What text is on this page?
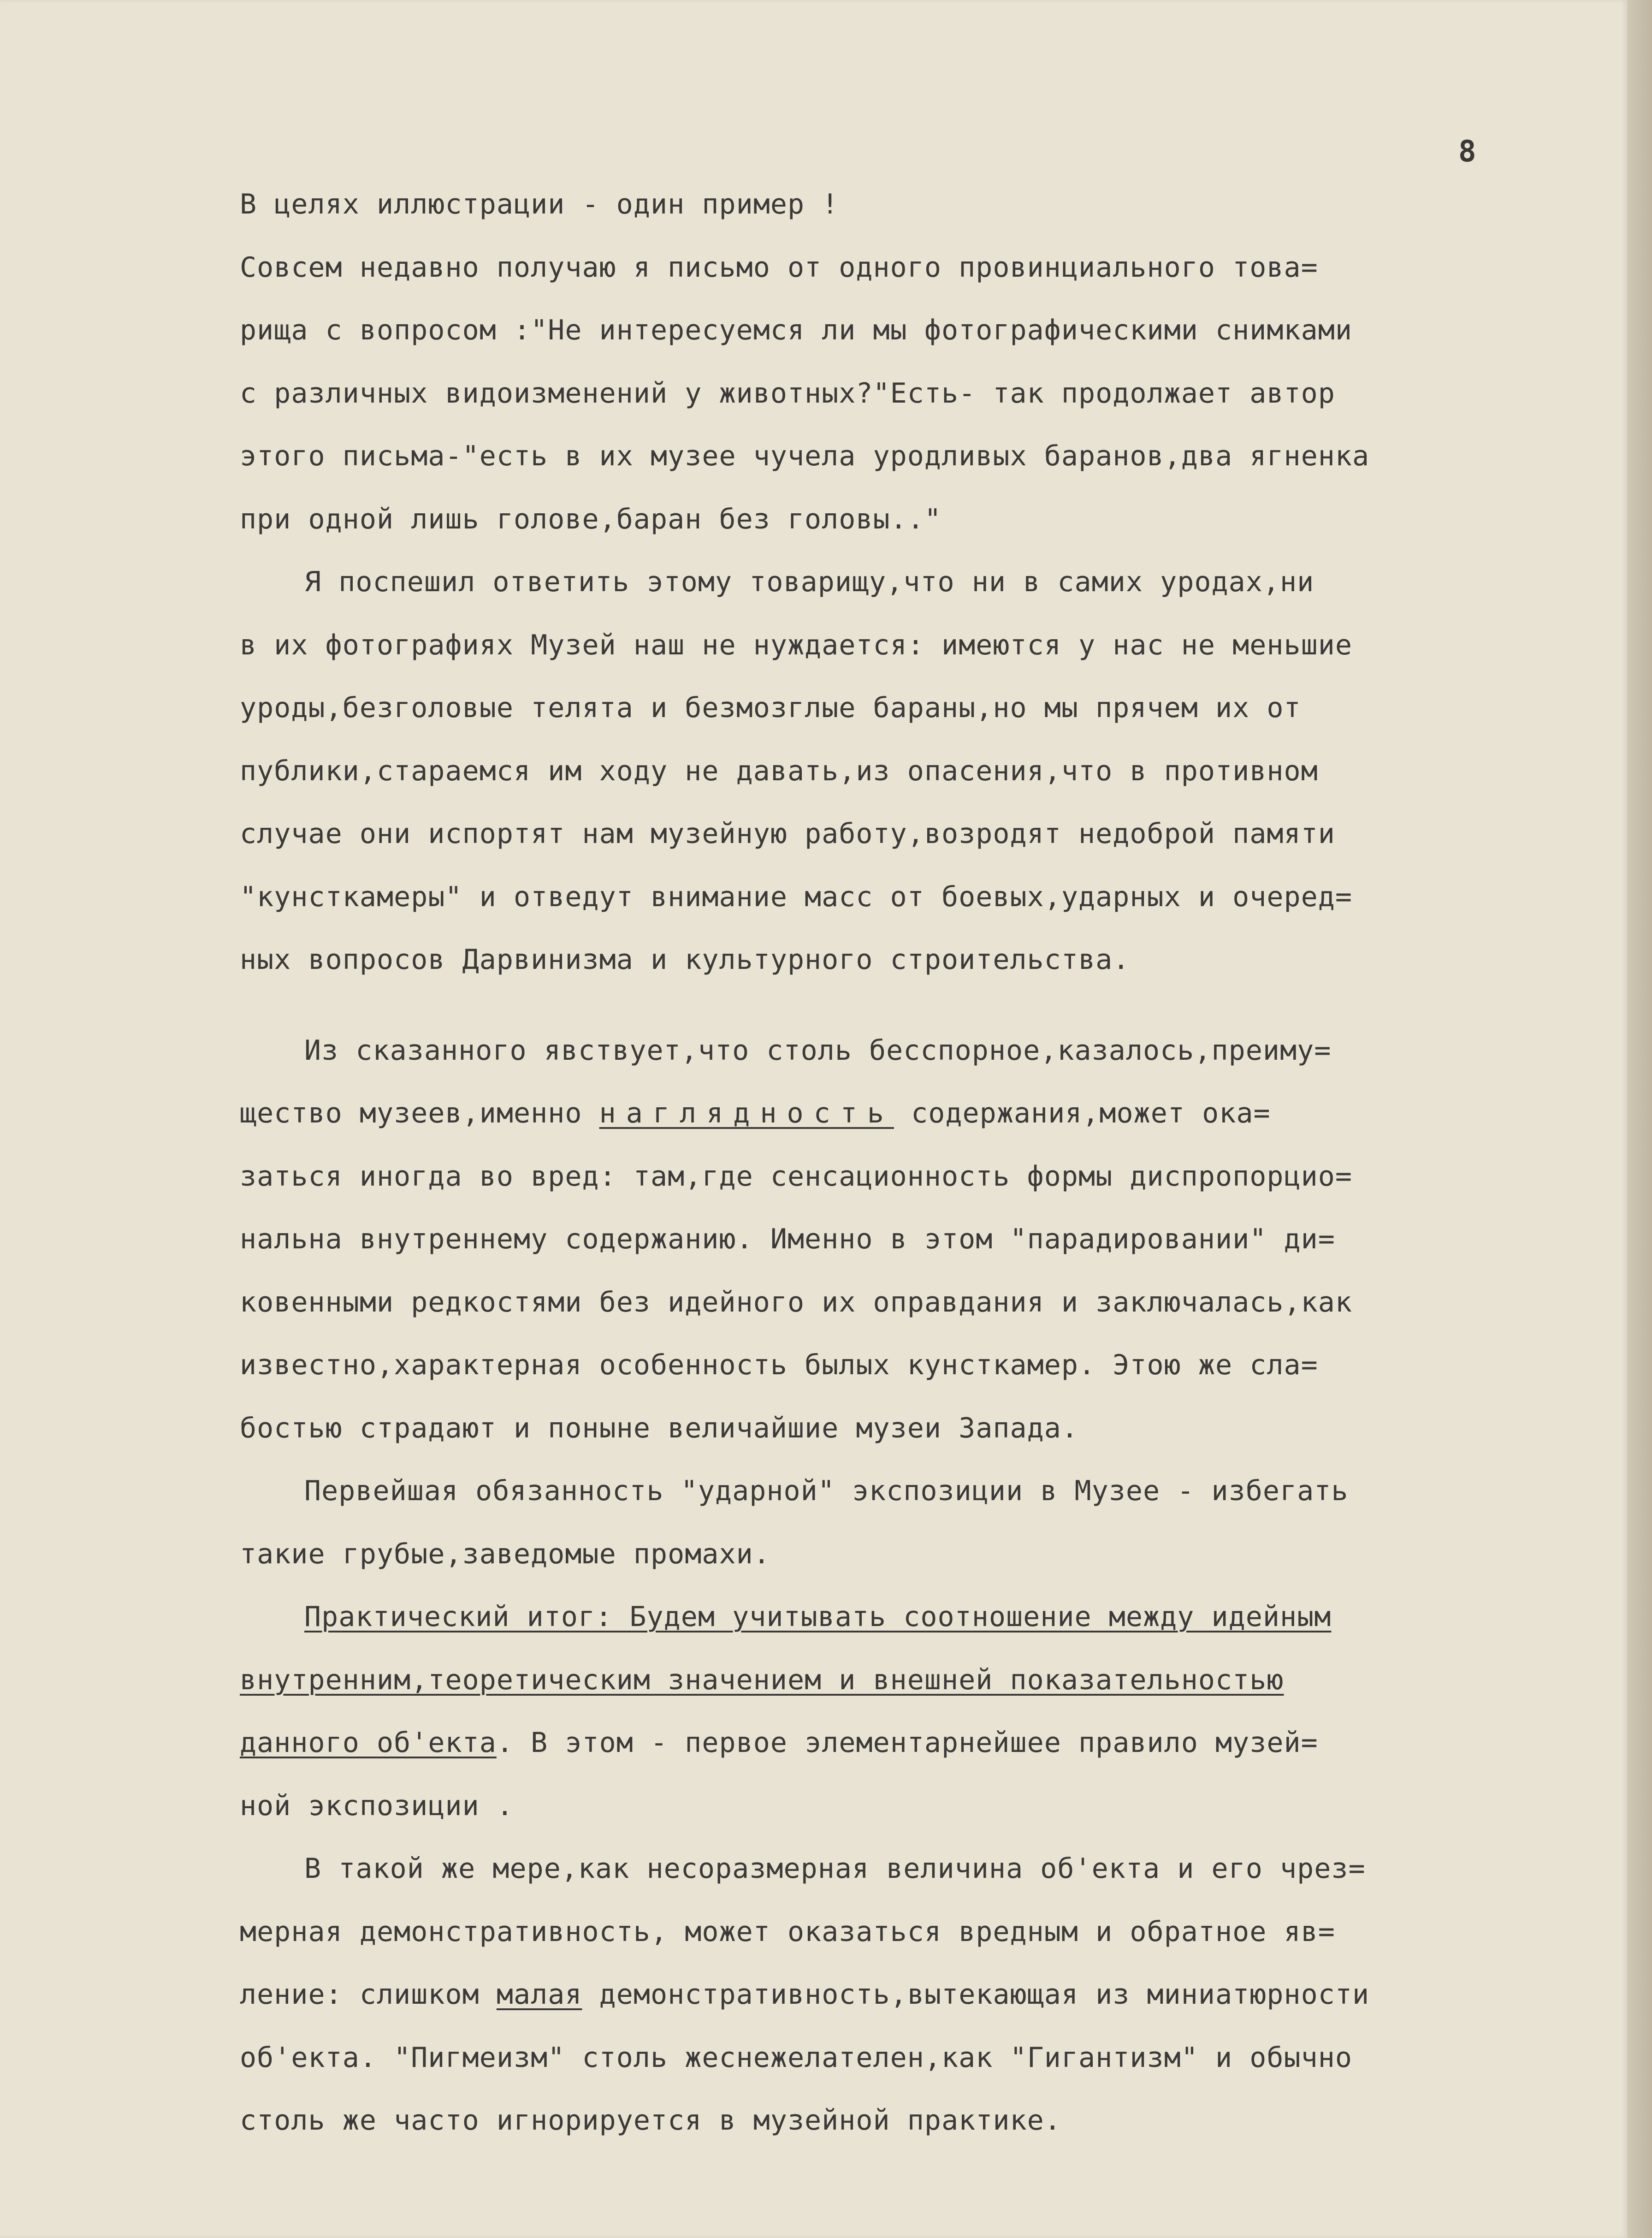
8
В целях иллюстрации - один пример !
Совсем недавно получаю я письмо от одного провинциального това=
рища с вопросом :"Не интересуемся ли мы фотографическими снимками
с различных видоизменений у животных?"Есть- так продолжает автор
этого письма-"есть в их музее чучела уродливых баранов,два ягненка
при одной лишь голове,баран без головы.."
Я поспешил ответить этому товарищу,что ни в самих уродах,ни
в их фотографиях Музей наш не нуждается: имеются у нас не меньшие
уроды,безголовые телята и безмозглые бараны,но мы прячем их от
публики,стараемся им ходу не давать,из опасения,что в противном
случае они испортят нам музейную работу,возродят недоброй памяти
"кунсткамеры" и отведут внимание масс от боевых,ударных и очеред=
ных вопросов Дарвинизма и культурного строительства.
Из сказанного явствует,что столь бесспорное,казалось,преиму=
щество музеев,именно наглядность содержания,может ока=
заться иногда во вред: там,где сенсационность формы диспропорцио=
нальна внутреннему содержанию. Именно в этом "парадировании" ди=
ковенными редкостями без идейного их оправдания и заключалась,как
известно,характерная особенность былых кунсткамер. Этою же сла=
бостью страдают и поныне величайшие музеи Запада.
Первейшая обязанность "ударной" экспозиции в Музее - избегать
такие грубые,заведомые промахи.
Практический итог: Будем учитывать соотношение между идейным
внутренним,теоретическим значением и внешней показательностью
данного об'екта. В этом - первое элементарнейшее правило музей=
ной экспозиции .
В такой же мере,как несоразмерная величина об'екта и его чрез=
мерная демонстративность, может оказаться вредным и обратное яв=
ление: слишком малая демонстративность,вытекающая из миниатюрности
об'екта. "Пигмеизм" столь жеснежелателен,как "Гигантизм" и обычно
столь же часто игнорируется в музейной практике.
